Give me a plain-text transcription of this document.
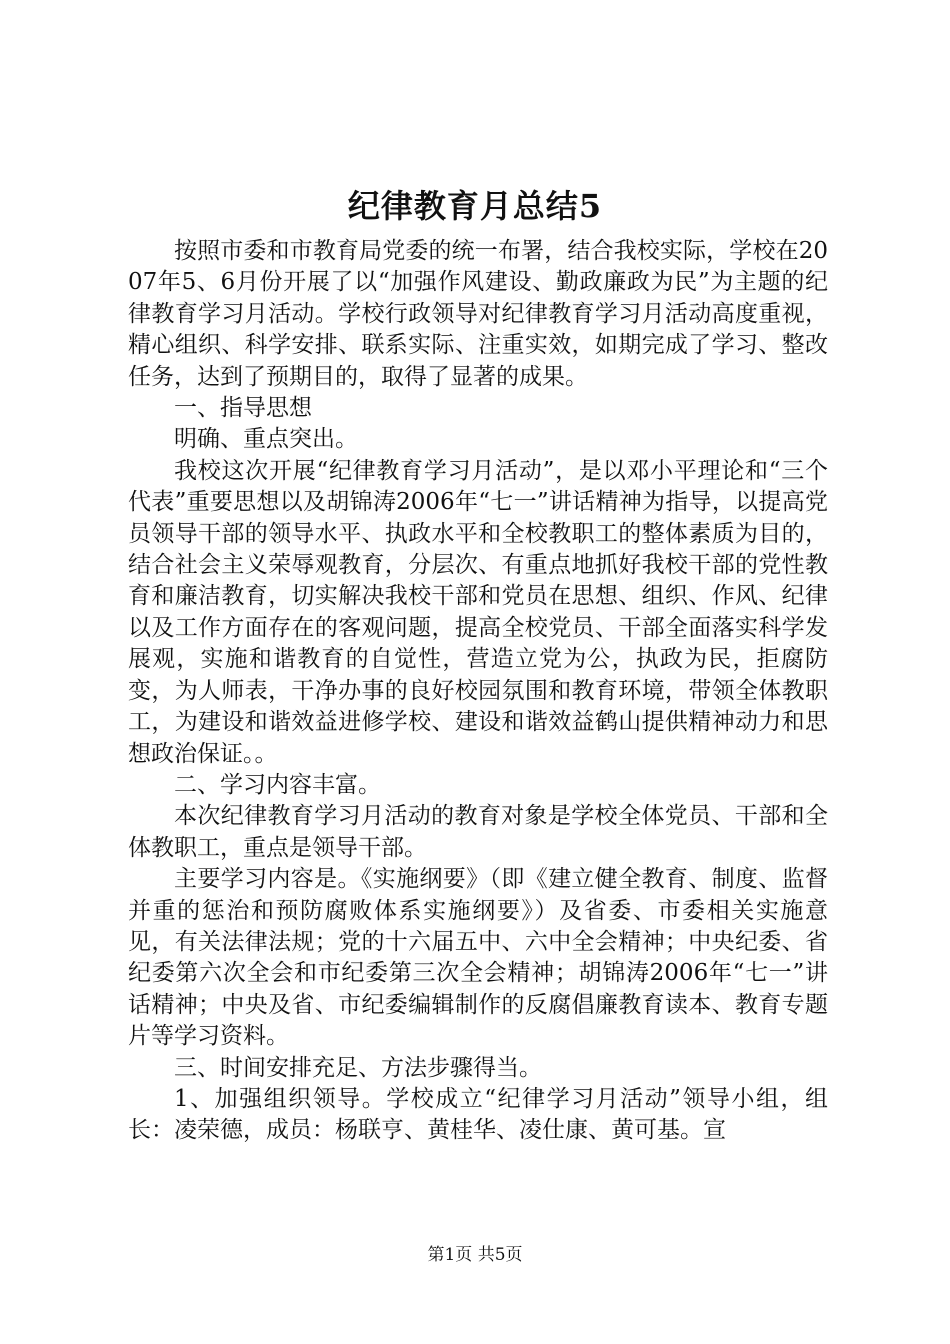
纪律教育月总结5

按照市委和市教育局党委的统一布署，结合我校实际，学校在2007年5、6月份开展了以“加强作风建设、勤政廉政为民”为主题的纪律教育学习月活动。学校行政领导对纪律教育学习月活动高度重视，精心组织、科学安排、联系实际、注重实效，如期完成了学习、整改任务，达到了预期目的，取得了显著的成果。

一、指导思想

明确、重点突出。

我校这次开展“纪律教育学习月活动”，是以邓小平理论和“三个代表”重要思想以及胡锦涛2006年“七一”讲话精神为指导，以提高党员领导干部的领导水平、执政水平和全校教职工的整体素质为目的，结合社会主义荣辱观教育，分层次、有重点地抓好我校干部的党性教育和廉洁教育，切实解决我校干部和党员在思想、组织、作风、纪律以及工作方面存在的客观问题，提高全校党员、干部全面落实科学发展观，实施和谐教育的自觉性，营造立党为公，执政为民，拒腐防变，为人师表，干净办事的良好校园氛围和教育环境，带领全体教职工，为建设和谐效益进修学校、建设和谐效益鹤山提供精神动力和思想政治保证。。

二、学习内容丰富。

本次纪律教育学习月活动的教育对象是学校全体党员、干部和全体教职工，重点是领导干部。

主要学习内容是。《实施纲要》（即《建立健全教育、制度、监督并重的惩治和预防腐败体系实施纲要》）及省委、市委相关实施意见，有关法律法规；党的十六届五中、六中全会精神；中央纪委、省纪委第六次全会和市纪委第三次全会精神；胡锦涛2006年“七一”讲话精神；中央及省、市纪委编辑制作的反腐倡廉教育读本、教育专题片等学习资料。

三、时间安排充足、方法步骤得当。

1、加强组织领导。学校成立“纪律学习月活动”领导小组，组长：凌荣德，成员：杨联亨、黄桂华、凌仕康、黄可基。宣

第1页 共5页
